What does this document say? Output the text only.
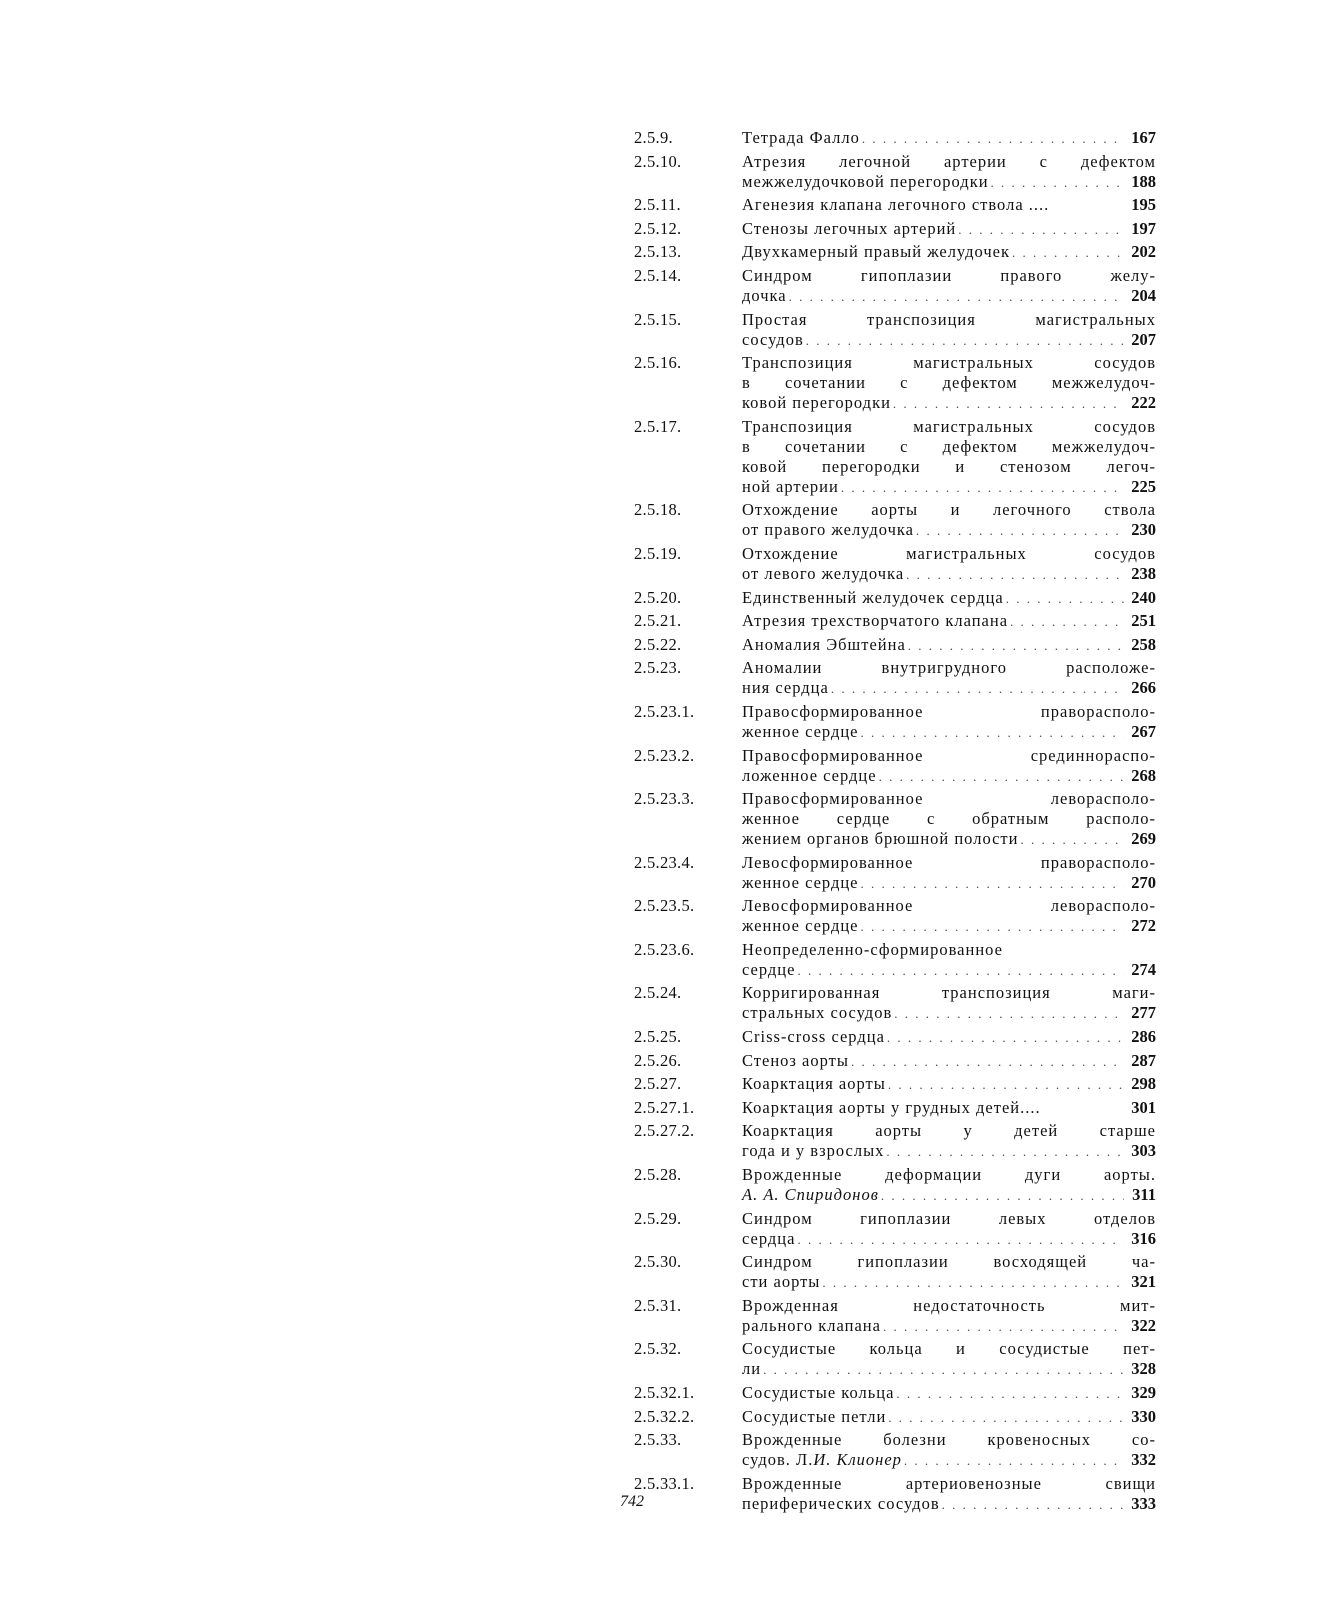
2.5.9.	Тетрада Фалло . . .	167
2.5.10.	Атрезия легочной артерии с дефектом
межжелудочковой перегородки . . .	188
2.5.11.	Агенезия клапана легочного ствола ....	195
2.5.12.	Стенозы легочных артерий . . .	197
2.5.13.	Двухкамерный правый желудочек . . .	202
2.5.14.	Синдром гипоплазии правого желу-
дочка . . .	204
2.5.15.	Простая транспозиция магистральных
сосудов . . .	207
2.5.16.	Транспозиция магистральных сосудов
в сочетании с дефектом межжелудоч-
ковой перегородки . . .	222
2.5.17.	Транспозиция магистральных сосудов
в сочетании с дефектом межжелудоч-
ковой перегородки и стенозом легоч-
ной артерии . . .	225
2.5.18.	Отхождение аорты и легочного ствола
от правого желудочка . . .	230
2.5.19.	Отхождение магистральных сосудов
от левого желудочка . . .	238
2.5.20.	Единственный желудочек сердца . . .	240
2.5.21.	Атрезия трехстворчатого клапана . . .	251
2.5.22.	Аномалия Эбштейна . . .	258
2.5.23.	Аномалии внутригрудного расположе-
ния сердца . . .	266
2.5.23.1.	Правосформированное праворасполо-
женное сердце . . .	267
2.5.23.2.	Правосформированное срединнораспо-
ложенное сердце . . .	268
2.5.23.3.	Правосформированное леворасполо-
женное сердце с обратным располо-
жением органов брюшной полости . . .	269
2.5.23.4.	Левосформированное праворасполо-
женное сердце . . .	270
2.5.23.5.	Левосформированное леворасполо-
женное сердце . . .	272
2.5.23.6.	Неопределенно-сформированное
сердце . . .	274
2.5.24.	Корригированная транспозиция маги-
стральных сосудов . . .	277
2.5.25.	Criss-cross сердца . . .	286
2.5.26.	Стеноз аорты . . .	287
2.5.27.	Коарктация аорты . . .	298
2.5.27.1.	Коарктация аорты у грудных детей....	301
2.5.27.2.	Коарктация аорты у детей старше
года и у взрослых . . .	303
2.5.28.	Врожденные деформации дуги аорты.
А. А. Спиридонов . . .	311
2.5.29.	Синдром гипоплазии левых отделов
сердца . . .	316
2.5.30.	Синдром гипоплазии восходящей ча-
сти аорты . . .	321
2.5.31.	Врожденная недостаточность мит-
рального клапана . . .	322
2.5.32.	Сосудистые кольца и сосудистые пет-
ли . . .	328
2.5.32.1.	Сосудистые кольца . . .	329
2.5.32.2.	Сосудистые петли . . .	330
2.5.33.	Врожденные болезни кровеносных со-
судов. Л. И. Клионер . . .	332
2.5.33.1.	Врожденные артериовенозные свищи
периферических сосудов . . .	333
742
